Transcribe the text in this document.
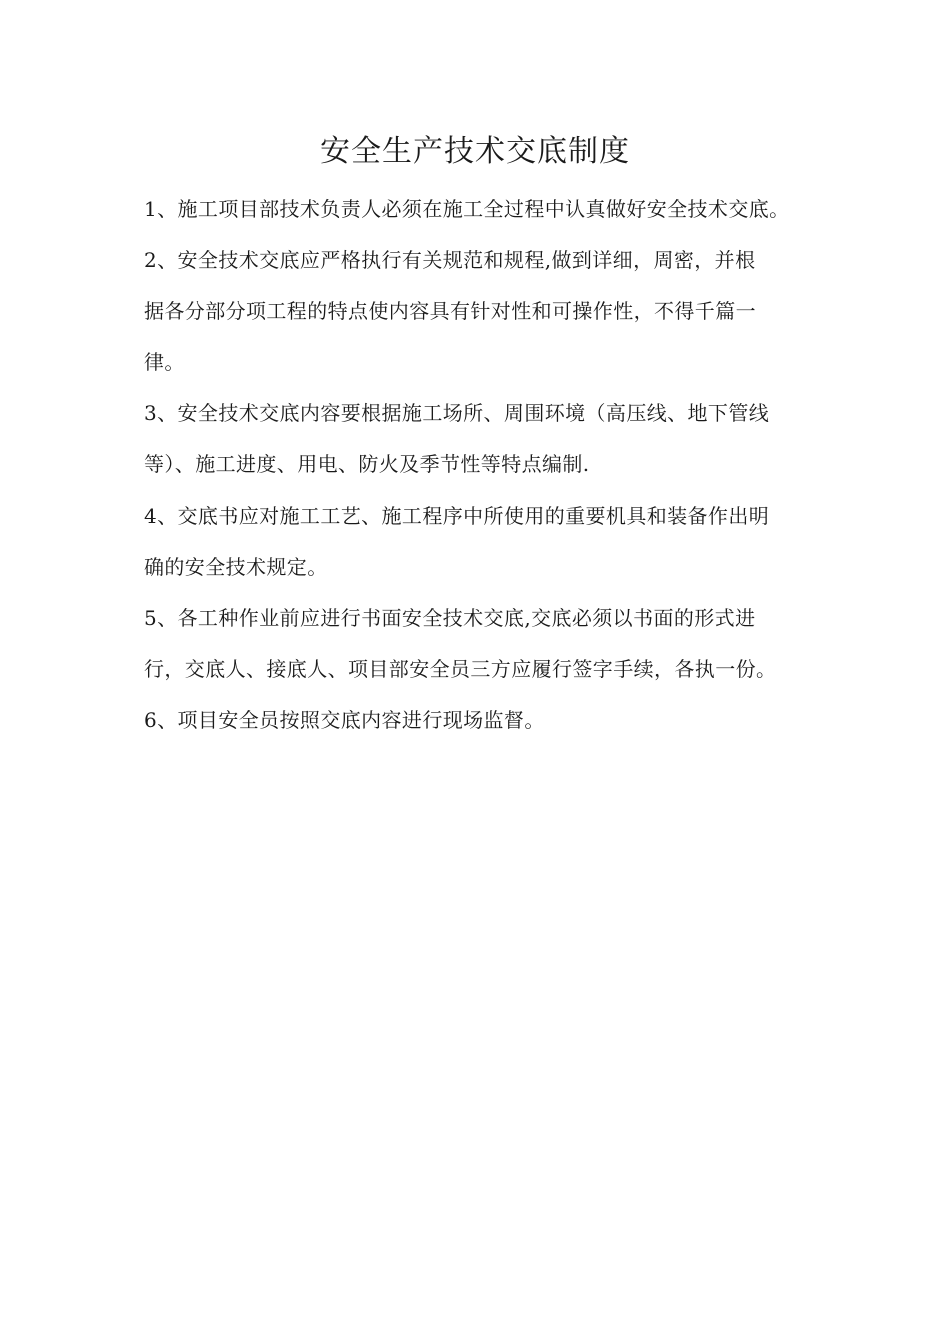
安全生产技术交底制度
1、施工项目部技术负责人必须在施工全过程中认真做好安全技术交底。
2、安全技术交底应严格执行有关规范和规程,做到详细，周密，并根
据各分部分项工程的特点使内容具有针对性和可操作性，不得千篇一
律。
3、安全技术交底内容要根据施工场所、周围环境（高压线、地下管线
等）、施工进度、用电、防火及季节性等特点编制.
4、交底书应对施工工艺、施工程序中所使用的重要机具和装备作出明
确的安全技术规定。
5、各工种作业前应进行书面安全技术交底,交底必须以书面的形式进
行，交底人、接底人、项目部安全员三方应履行签字手续，各执一份。
6、项目安全员按照交底内容进行现场监督。
